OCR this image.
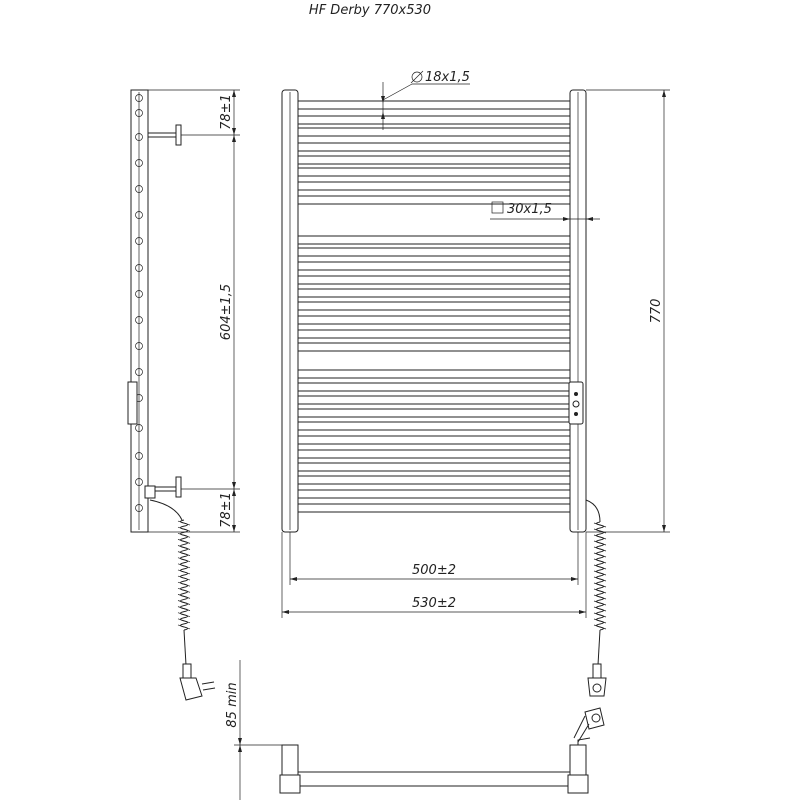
HF Derby 770x530
78±1
604±1,5
78±1
18x1,5
30x1,5
770
500±2
530±2
85 min
